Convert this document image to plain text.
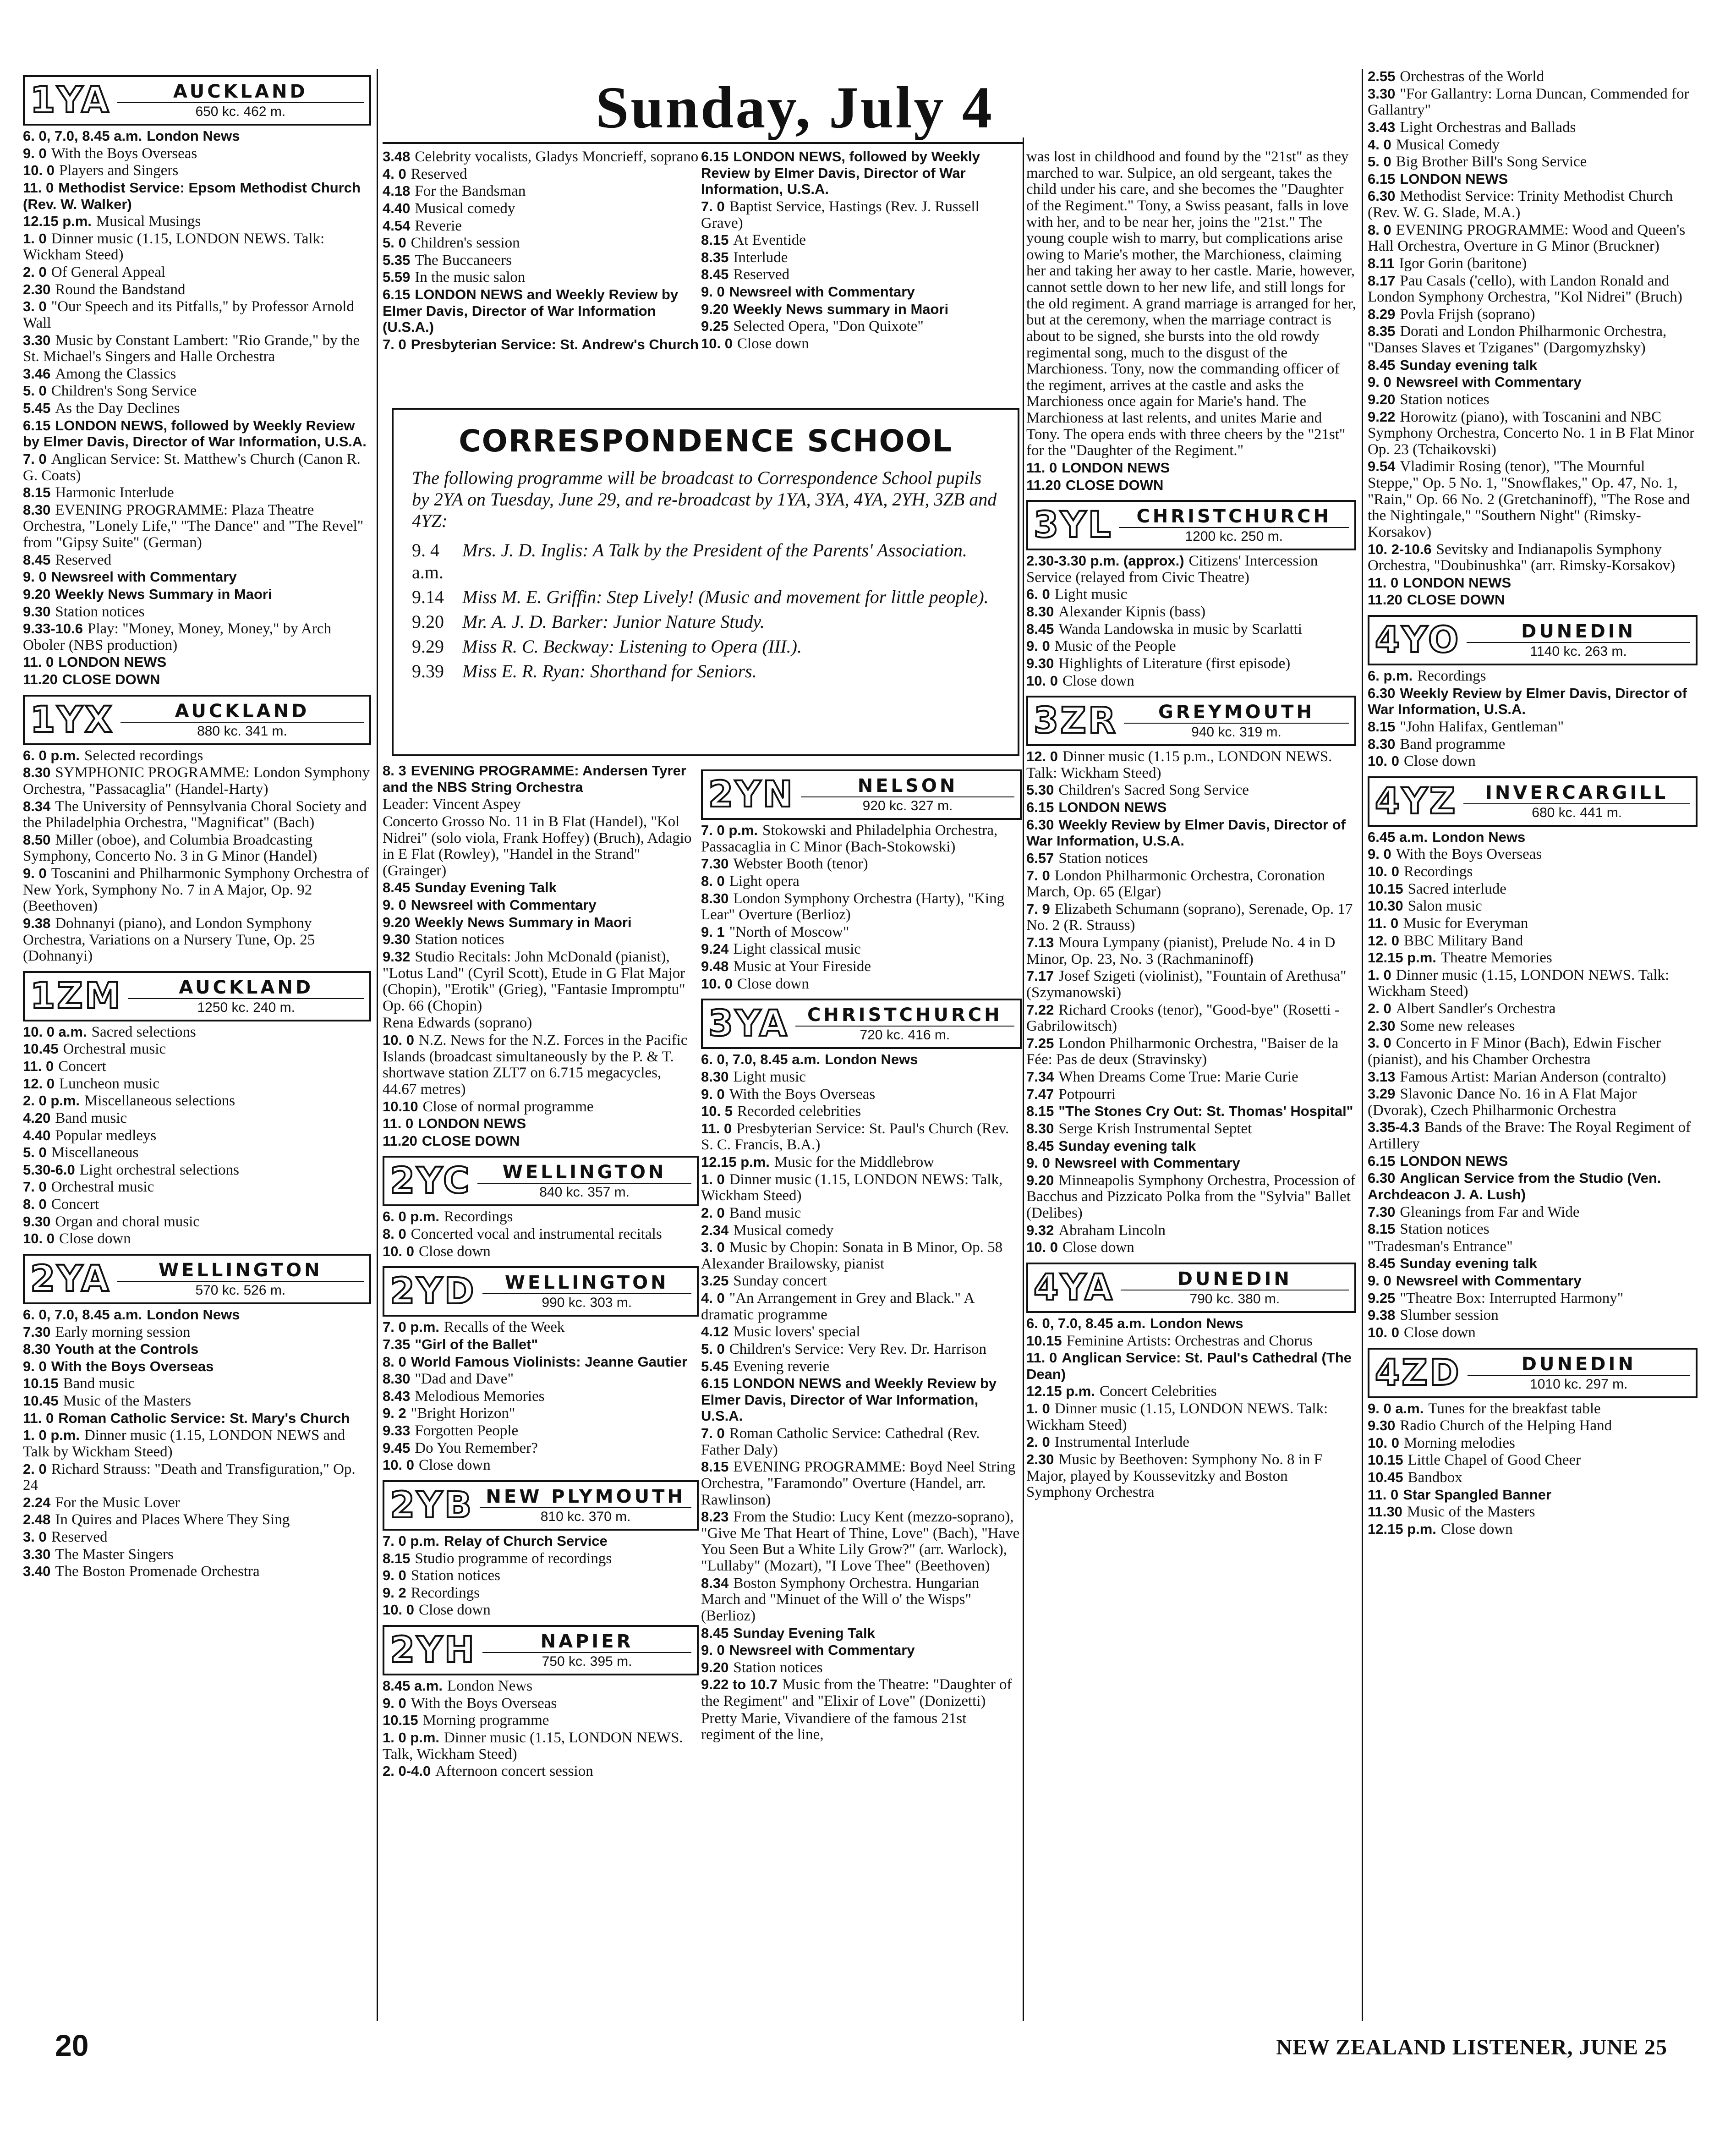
Sunday, July 4
1YA	AUCKLAND
650 kc. 462 m.
6. 0, 7.0, 8.45 a.m. London News
9. 0 With the Boys Overseas
10. 0 Players and Singers
11. 0 Methodist Service: Epsom Methodist Church (Rev. W. Walker)
12.15 p.m. Musical Musings
1. 0 Dinner music (1.15, LONDON NEWS. Talk: Wickham Steed)
2. 0 Of General Appeal
2.30 Round the Bandstand
3. 0 "Our Speech and its Pitfalls," by Professor Arnold Wall
3.30 Music by Constant Lambert: "Rio Grande," by the St. Michael's Singers and Halle Orchestra
3.46 Among the Classics
5. 0 Children's Song Service
5.45 As the Day Declines
6.15 LONDON NEWS, followed by Weekly Review by Elmer Davis, Director of War Information, U.S.A.
7. 0 Anglican Service: St. Matthew's Church (Canon R. G. Coats)
8.15 Harmonic Interlude
8.30 EVENING PROGRAMME: Plaza Theatre Orchestra, "Lonely Life," "The Dance" and "The Revel" from "Gipsy Suite" (German)
8.45 Reserved
9. 0 Newsreel with Commentary
9.20 Weekly News Summary in Maori
9.30 Station notices
9.33-10.6 Play: "Money, Money, Money," by Arch Oboler (NBS production)
11. 0 LONDON NEWS
11.20 CLOSE DOWN
1YX	AUCKLAND
880 kc. 341 m.
6. 0 p.m. Selected recordings
8.30 SYMPHONIC PROGRAMME: London Symphony Orchestra, "Passacaglia" (Handel-Harty)
8.34 The University of Pennsylvania Choral Society and the Philadelphia Orchestra, "Magnificat" (Bach)
8.50 Miller (oboe), and Columbia Broadcasting Symphony, Concerto No. 3 in G Minor (Handel)
9. 0 Toscanini and Philharmonic Symphony Orchestra of New York, Symphony No. 7 in A Major, Op. 92 (Beethoven)
9.38 Dohnanyi (piano), and London Symphony Orchestra, Variations on a Nursery Tune, Op. 25 (Dohnanyi)
1ZM	AUCKLAND
1250 kc. 240 m.
10. 0 a.m. Sacred selections
10.45 Orchestral music
11. 0 Concert
12. 0 Luncheon music
2. 0 p.m. Miscellaneous selections
4.20 Band music
4.40 Popular medleys
5. 0 Miscellaneous
5.30-6.0 Light orchestral selections
7. 0 Orchestral music
8. 0 Concert
9.30 Organ and choral music
10. 0 Close down
2YA	WELLINGTON
570 kc. 526 m.
6. 0, 7.0, 8.45 a.m. London News
7.30 Early morning session
8.30 Youth at the Controls
9. 0 With the Boys Overseas
10.15 Band music
10.45 Music of the Masters
11. 0 Roman Catholic Service: St. Mary's Church
1. 0 p.m. Dinner music (1.15, LONDON NEWS and Talk by Wickham Steed)
2. 0 Richard Strauss: "Death and Transfiguration," Op. 24
2.24 For the Music Lover
2.48 In Quires and Places Where They Sing
3. 0 Reserved
3.30 The Master Singers
3.40 The Boston Promenade Orchestra
3.48 Celebrity vocalists, Gladys Moncrieff, soprano
4. 0 Reserved
4.18 For the Bandsman
4.40 Musical comedy
4.54 Reverie
5. 0 Children's session
5.35 The Buccaneers
5.59 In the music salon
6.15 LONDON NEWS and Weekly Review by Elmer Davis, Director of War Information (U.S.A.)
7. 0 Presbyterian Service: St. Andrew's Church
6.15 LONDON NEWS, followed by Weekly Review by Elmer Davis, Director of War Information, U.S.A.
7. 0 Baptist Service, Hastings (Rev. J. Russell Grave)
8.15 At Eventide
8.35 Interlude
8.45 Reserved
9. 0 Newsreel with Commentary
9.20 Weekly News summary in Maori
9.25 Selected Opera, "Don Quixote"
10. 0 Close down
CORRESPONDENCE SCHOOL

The following programme will be broadcast to Correspondence School pupils by 2YA on Tuesday, June 29, and re-broadcast by 1YA, 3YA, 4YA, 2YH, 3ZB and 4YZ:

9. 4 a.m.
Mrs. J. D. Inglis: A Talk by the President of the Parents' Association.
9.14	Miss M. E. Griffin: Step Lively! (Music and movement for little people).
9.20	Mr. A. J. D. Barker: Junior Nature Study.
9.29	Miss R. C. Beckway: Listening to Opera (III.).
9.39	Miss E. R. Ryan: Shorthand for Seniors.
8. 3 EVENING PROGRAMME: Andersen Tyrer and the NBS String Orchestra
Leader: Vincent Aspey
Concerto Grosso No. 11 in B Flat (Handel), "Kol Nidrei" (solo viola, Frank Hoffey) (Bruch), Adagio in E Flat (Rowley), "Handel in the Strand" (Grainger)
8.45 Sunday Evening Talk
9. 0 Newsreel with Commentary
9.20 Weekly News Summary in Maori
9.30 Station notices
9.32 Studio Recitals: John McDonald (pianist), "Lotus Land" (Cyril Scott), Etude in G Flat Major (Chopin), "Erotik" (Grieg), "Fantasie Impromptu" Op. 66 (Chopin)
Rena Edwards (soprano)
10. 0 N.Z. News for the N.Z. Forces in the Pacific Islands (broadcast simultaneously by the P. & T. shortwave station ZLT7 on 6.715 megacycles, 44.67 metres)
10.10 Close of normal programme
11. 0 LONDON NEWS
11.20 CLOSE DOWN
2YC	WELLINGTON
840 kc. 357 m.
6. 0 p.m. Recordings
8. 0 Concerted vocal and instrumental recitals
10. 0 Close down
2YD	WELLINGTON
990 kc. 303 m.
7. 0 p.m. Recalls of the Week
7.35 "Girl of the Ballet"
8. 0 World Famous Violinists: Jeanne Gautier
8.30 "Dad and Dave"
8.43 Melodious Memories
9. 2 "Bright Horizon"
9.33 Forgotten People
9.45 Do You Remember?
10. 0 Close down
2YB NEW PLYMOUTH
810 kc. 370 m.
7. 0 p.m. Relay of Church Service
8.15 Studio programme of recordings
9. 0 Station notices
9. 2 Recordings
10. 0 Close down
2YH	NAPIER
750 kc. 395 m.
8.45 a.m. London News
9. 0 With the Boys Overseas
10.15 Morning programme
1. 0 p.m. Dinner music (1.15, LONDON NEWS. Talk, Wickham Steed)
2. 0-4.0 Afternoon concert session
2YN	NELSON
920 kc. 327 m.
7. 0 p.m. Stokowski and Philadelphia Orchestra, Passacaglia in C Minor (Bach-Stokowski)
7.30 Webster Booth (tenor)
8. 0 Light opera
8.30 London Symphony Orchestra (Harty), "King Lear" Overture (Berlioz)
9. 1 "North of Moscow"
9.24 Light classical music
9.48 Music at Your Fireside
10. 0 Close down
3YA	CHRISTCHURCH
720 kc. 416 m.
6. 0, 7.0, 8.45 a.m. London News
8.30 Light music
9. 0 With the Boys Overseas
10. 5 Recorded celebrities
11. 0 Presbyterian Service: St. Paul's Church (Rev. S. C. Francis, B.A.)
12.15 p.m. Music for the Middlebrow
1. 0 Dinner music (1.15, LONDON NEWS: Talk, Wickham Steed)
2. 0 Band music
2.34 Musical comedy
3. 0 Music by Chopin: Sonata in B Minor, Op. 58 Alexander Brailowsky, pianist
3.25 Sunday concert
4. 0 "An Arrangement in Grey and Black." A dramatic programme
4.12 Music lovers' special
5. 0 Children's Service: Very Rev. Dr. Harrison
5.45 Evening reverie
6.15 LONDON NEWS and Weekly Review by Elmer Davis, Director of War Information, U.S.A.
7. 0 Roman Catholic Service: Cathedral (Rev. Father Daly)
8.15 EVENING PROGRAMME: Boyd Neel String Orchestra, "Faramondo" Overture (Handel, arr. Rawlinson)
8.23 From the Studio: Lucy Kent (mezzo-soprano), "Give Me That Heart of Thine, Love" (Bach), "Have You Seen But a White Lily Grow?" (arr. Warlock), "Lullaby" (Mozart), "I Love Thee" (Beethoven)
8.34 Boston Symphony Orchestra. Hungarian March and "Minuet of the Will o' the Wisps" (Berlioz)
8.45 Sunday Evening Talk
9. 0 Newsreel with Commentary
9.20 Station notices
9.22 to 10.7 Music from the Theatre: "Daughter of the Regiment" and "Elixir of Love" (Donizetti)
Pretty Marie, Vivandiere of the famous 21st regiment of the line,
was lost in childhood and found by the "21st" as they marched to war. Sulpice, an old sergeant, takes the child under his care, and she becomes the "Daughter of the Regiment." Tony, a Swiss peasant, falls in love with her, and to be near her, joins the "21st." The young couple wish to marry, but complications arise owing to Marie's mother, the Marchioness, claiming her and taking her away to her castle. Marie, however, cannot settle down to her new life, and still longs for the old regiment. A grand marriage is arranged for her, but at the ceremony, when the marriage contract is about to be signed, she bursts into the old rowdy regimental song, much to the disgust of the Marchioness. Tony, now the commanding officer of the regiment, arrives at the castle and asks the Marchioness once again for Marie's hand. The Marchioness at last relents, and unites Marie and Tony. The opera ends with three cheers by the "21st" for the "Daughter of the Regiment."
11. 0 LONDON NEWS
11.20 CLOSE DOWN
3YL	CHRISTCHURCH
1200 kc. 250 m.
2.30-3.30 p.m. (approx.) Citizens' Intercession Service (relayed from Civic Theatre)
6. 0 Light music
8.30 Alexander Kipnis (bass)
8.45 Wanda Landowska in music by Scarlatti
9. 0 Music of the People
9.30 Highlights of Literature (first episode)
10. 0 Close down
3ZR	GREYMOUTH
940 kc. 319 m.
12. 0 Dinner music (1.15 p.m., LONDON NEWS. Talk: Wickham Steed)
5.30 Children's Sacred Song Service
6.15 LONDON NEWS
6.30 Weekly Review by Elmer Davis, Director of War Information, U.S.A.
6.57 Station notices
7. 0 London Philharmonic Orchestra, Coronation March, Op. 65 (Elgar)
7. 9 Elizabeth Schumann (soprano), Serenade, Op. 17 No. 2 (R. Strauss)
7.13 Moura Lympany (pianist), Prelude No. 4 in D Minor, Op. 23, No. 3 (Rachmaninoff)
7.17 Josef Szigeti (violinist), "Fountain of Arethusa" (Szymanowski)
7.22 Richard Crooks (tenor), "Good-bye" (Rosetti - Gabrilowitsch)
7.25 London Philharmonic Orchestra, "Baiser de la Fée: Pas de deux (Stravinsky)
7.34 When Dreams Come True: Marie Curie
7.47 Potpourri
8.15 "The Stones Cry Out: St. Thomas' Hospital"
8.30 Serge Krish Instrumental Septet
8.45 Sunday evening talk
9. 0 Newsreel with Commentary
9.20 Minneapolis Symphony Orchestra, Procession of Bacchus and Pizzicato Polka from the "Sylvia" Ballet (Delibes)
9.32 Abraham Lincoln
10. 0 Close down
4YA	DUNEDIN
790 kc. 380 m.
6. 0, 7.0, 8.45 a.m. London News
10.15 Feminine Artists: Orchestras and Chorus
11. 0 Anglican Service: St. Paul's Cathedral (The Dean)
12.15 p.m. Concert Celebrities
1. 0 Dinner music (1.15, LONDON NEWS. Talk: Wickham Steed)
2. 0 Instrumental Interlude
2.30 Music by Beethoven: Symphony No. 8 in F Major, played by Koussevitzky and Boston Symphony Orchestra
2.55 Orchestras of the World
3.30 "For Gallantry: Lorna Duncan, Commended for Gallantry"
3.43 Light Orchestras and Ballads
4. 0 Musical Comedy
5. 0 Big Brother Bill's Song Service
6.15 LONDON NEWS
6.30 Methodist Service: Trinity Methodist Church (Rev. W. G. Slade, M.A.)
8. 0 EVENING PROGRAMME: Wood and Queen's Hall Orchestra, Overture in G Minor (Bruckner)
8.11 Igor Gorin (baritone)
8.17 Pau Casals ('cello), with Landon Ronald and London Symphony Orchestra, "Kol Nidrei" (Bruch)
8.29 Povla Frijsh (soprano)
8.35 Dorati and London Philharmonic Orchestra, "Danses Slaves et Tziganes" (Dargomyzhsky)
8.45 Sunday evening talk
9. 0 Newsreel with Commentary
9.20 Station notices
9.22 Horowitz (piano), with Toscanini and NBC Symphony Orchestra, Concerto No. 1 in B Flat Minor Op. 23 (Tchaikovski)
9.54 Vladimir Rosing (tenor), "The Mournful Steppe," Op. 5 No. 1, "Snowflakes," Op. 47, No. 1, "Rain," Op. 66 No. 2 (Gretchaninoff), "The Rose and the Nightingale," "Southern Night" (Rimsky-Korsakov)
10. 2-10.6 Sevitsky and Indianapolis Symphony Orchestra, "Doubinushka" (arr. Rimsky-Korsakov)
11. 0 LONDON NEWS
11.20 CLOSE DOWN
4YO	DUNEDIN
1140 kc. 263 m.
6. p.m. Recordings
6.30 Weekly Review by Elmer Davis, Director of War Information, U.S.A.
8.15 "John Halifax, Gentleman"
8.30 Band programme
10. 0 Close down
4YZ	INVERCARGILL
680 kc. 441 m.
6.45 a.m. London News
9. 0 With the Boys Overseas
10. 0 Recordings
10.15 Sacred interlude
10.30 Salon music
11. 0 Music for Everyman
12. 0 BBC Military Band
12.15 p.m. Theatre Memories
1. 0 Dinner music (1.15, LONDON NEWS. Talk: Wickham Steed)
2. 0 Albert Sandler's Orchestra
2.30 Some new releases
3. 0 Concerto in F Minor (Bach), Edwin Fischer (pianist), and his Chamber Orchestra
3.13 Famous Artist: Marian Anderson (contralto)
3.29 Slavonic Dance No. 16 in A Flat Major (Dvorak), Czech Philharmonic Orchestra
3.35-4.3 Bands of the Brave: The Royal Regiment of Artillery
6.15 LONDON NEWS
6.30 Anglican Service from the Studio (Ven. Archdeacon J. A. Lush)
7.30 Gleanings from Far and Wide
8.15 Station notices
"Tradesman's Entrance"
8.45 Sunday evening talk
9. 0 Newsreel with Commentary
9.25 "Theatre Box: Interrupted Harmony"
9.38 Slumber session
10. 0 Close down
4ZD	DUNEDIN
1010 kc. 297 m.
9. 0 a.m. Tunes for the breakfast table
9.30 Radio Church of the Helping Hand
10. 0 Morning melodies
10.15 Little Chapel of Good Cheer
10.45 Bandbox
11. 0 Star Spangled Banner
11.30 Music of the Masters
12.15 p.m. Close down
20	NEW ZEALAND LISTENER, JUNE 25
